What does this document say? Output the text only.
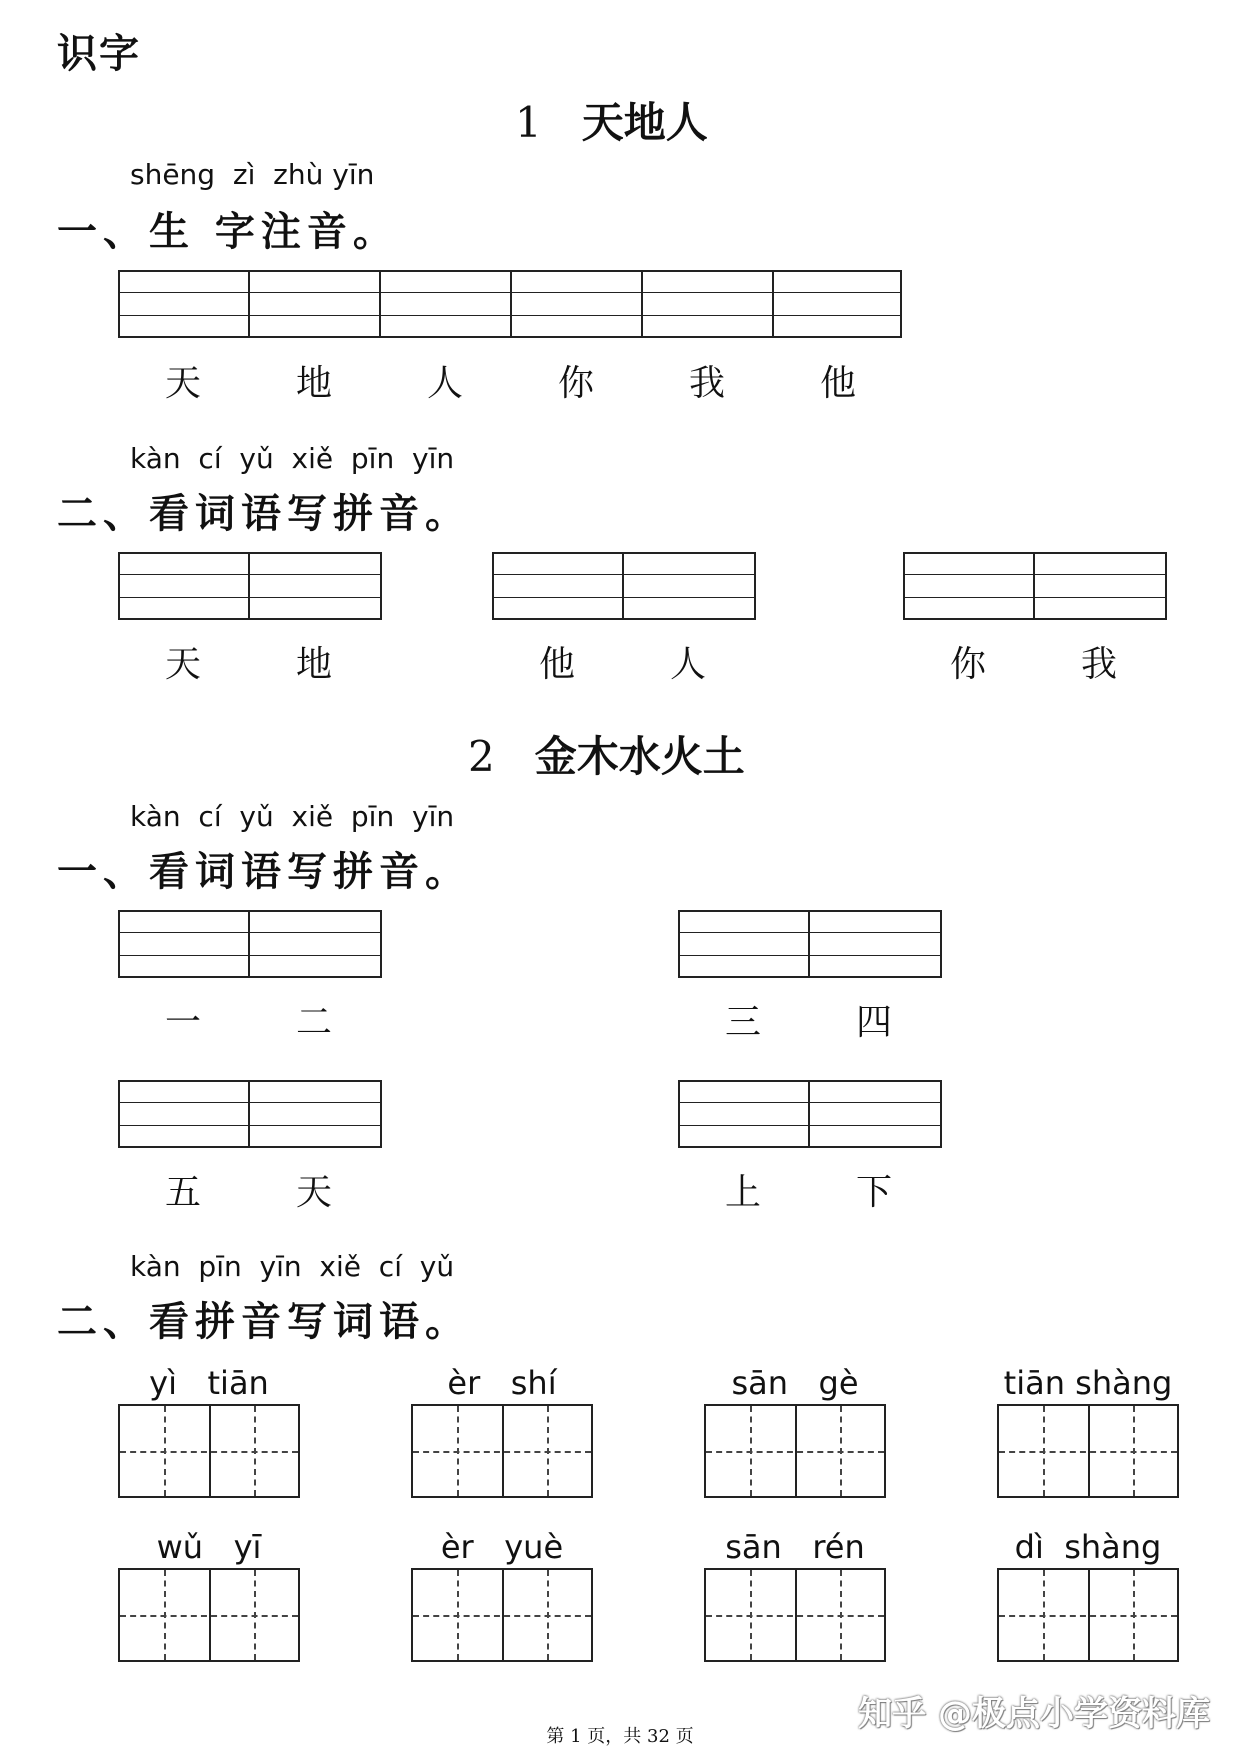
识字
1 天地人
shēng  zì  zhù yīn
一、生 字注音。
天	地	人	你	我	他
kàn  cí  yǔ  xiě  pīn  yīn
二、看词语写拼音。
天	地	他	人	你	我
2 金木水火土
kàn  cí  yǔ  xiě  pīn  yīn
一、看词语写拼音。
一	二	三	四
五	天	上	下
kàn  pīn  yīn  xiě  cí  yǔ
二、看拼音写词语。
yì   tiān	èr   shí	sān   gè	tiān shàng
wǔ   yī	èr   yuè	sān   rén	dì  shàng
知乎 @极点小学资料库
第 1 页，共 32 页
